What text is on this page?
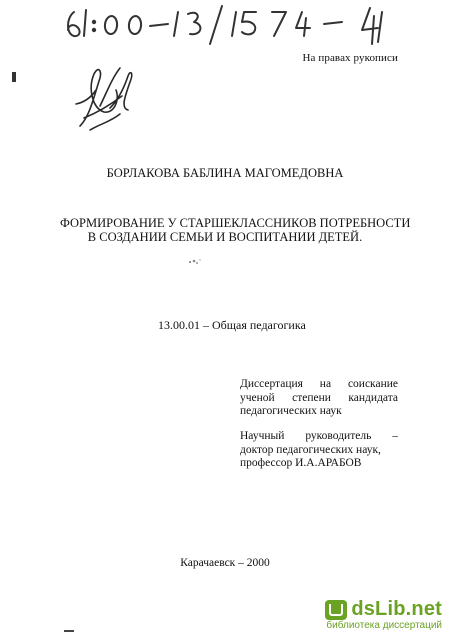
На правах рукописи
БОРЛАКОВА БАБЛИНА МАГОМЕДОВНА
ФОРМИРОВАНИЕ У СТАРШЕКЛАССНИКОВ ПОТРЕБНОСТИ
В СОЗДАНИИ СЕМЬИ И ВОСПИТАНИИ ДЕТЕЙ.
13.00.01 – Общая педагогика
Диссертация на соискание
ученой степени кандидата
педагогических наук
Научный руководитель –
доктор педагогических наук,
профессор И.А.АРАБОВ
Карачаевск – 2000
dsLib.net
библиотека диссертаций
